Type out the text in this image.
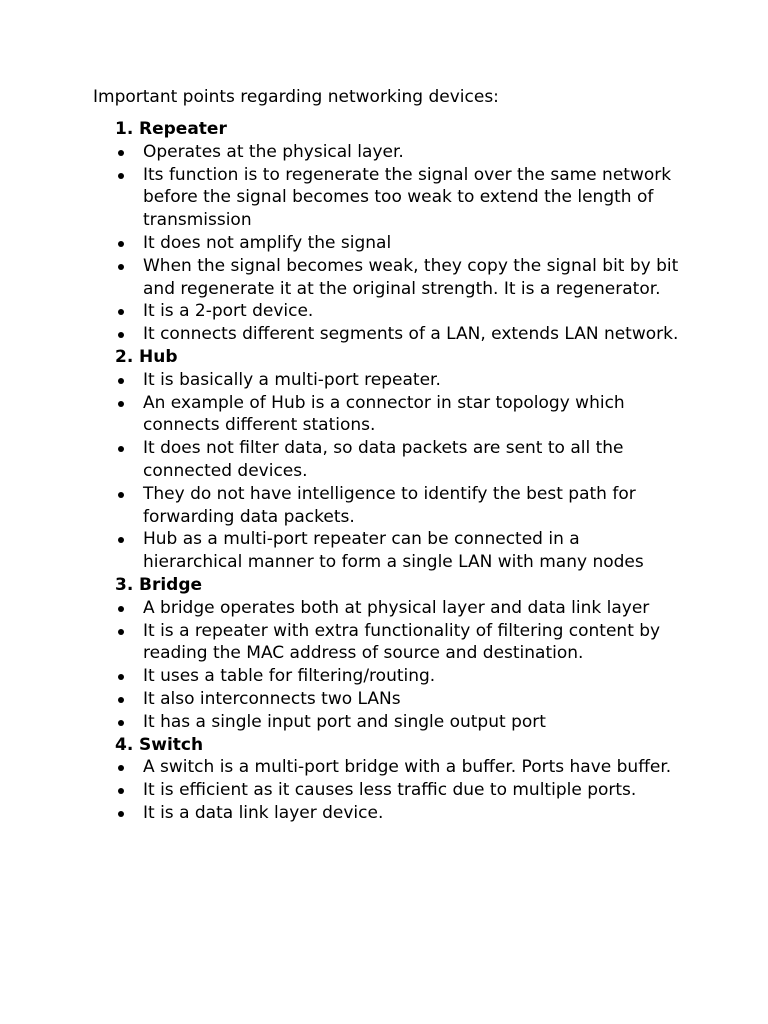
Important points regarding networking devices:

1. Repeater
Operates at the physical layer.
Its function is to regenerate the signal over the same network before the signal becomes too weak to extend the length of transmission
It does not amplify the signal
When the signal becomes weak, they copy the signal bit by bit and regenerate it at the original strength. It is a regenerator.
It is a 2-port device.
It connects different segments of a LAN, extends LAN network.
2. Hub
It is basically a multi-port repeater.
An example of Hub is a connector in star topology which connects different stations.
It does not filter data, so data packets are sent to all the connected devices.
They do not have intelligence to identify the best path for forwarding data packets.
Hub as a multi-port repeater can be connected in a hierarchical manner to form a single LAN with many nodes
3. Bridge
A bridge operates both at physical layer and data link layer
It is a repeater with extra functionality of filtering content by reading the MAC address of source and destination.
It uses a table for filtering/routing.
It also interconnects two LANs
It has a single input port and single output port
4. Switch
A switch is a multi-port bridge with a buffer. Ports have buffer.
It is efficient as it causes less traffic due to multiple ports.
It is a data link layer device.
